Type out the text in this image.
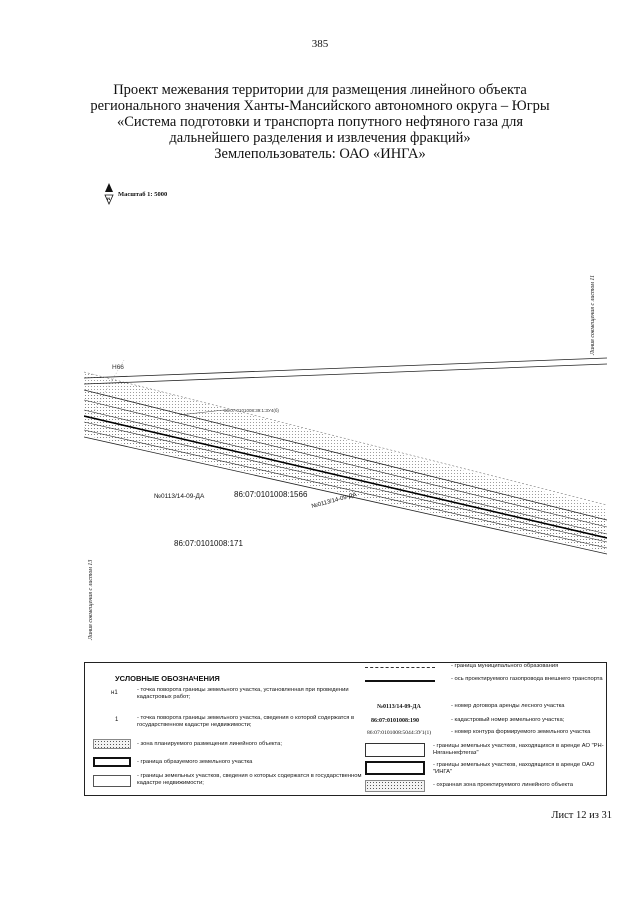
385
Проект межевания территории для размещения линейного объекта
регионального значения Ханты-Мансийского автономного округа – Югры
«Система подготовки и транспорта попутного нефтяного газа для
дальнейшего разделения и извлечения фракций»
Землепользователь: ОАО «ИНГА»
N
Масштаб 1: 5000
Н66
86:07:0101008:39:1:ЗУ4(б)
№0113/14-09-ДА	86:07:0101008:1566 №0113/14-09-ДА
86:07:0101008:171
Линия совмещения с листом 11
Линия совмещения с листом 13
УСЛОВНЫЕ ОБОЗНАЧЕНИЯ
н1	- точка поворота границы земельного участка, установленная при проведении кадастровых работ;
1	- точка поворота границы земельного участка, сведения о которой содержатся в государственном кадастре недвижимости;
- зона планируемого размещения линейного объекта;
- граница образуемого земельного участка
- границы земельных участков, сведения о которых содержатся в государственном кадастре недвижимости;
- граница муниципального образования
- ось проектируемого газопровода внешнего транспорта
№0113/14-09-ДА	- номер договора аренды лесного участка
86:07:0101008:190	- кадастровый номер земельного участка;
86:07:0101008:5044:ЗУ1(1)	- номер контура формируемого земельного участка
- границы земельных участков, находящихся в аренде АО "РН-Няганьнефтегаз"
- границы земельных участков, находящихся в аренде ОАО "ИНГА"
- охранная зона проектируемого линейного объекта
Лист 12 из 31
